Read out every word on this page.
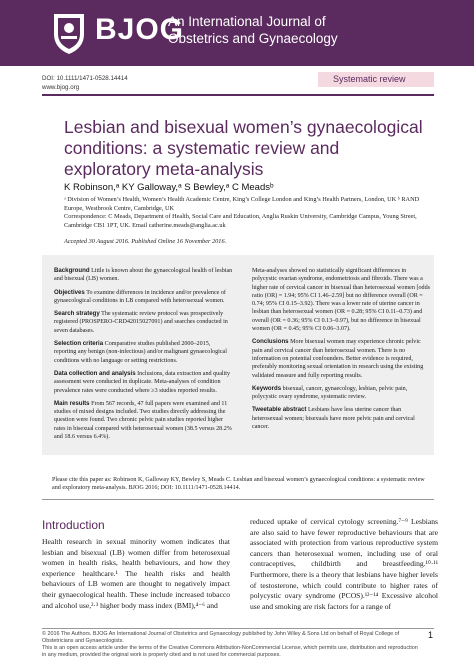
BJOG
An International Journal of
Obstetrics and Gynaecology
DOI: 10.1111/1471-0528.14414
www.bjog.org
Systematic review
Lesbian and bisexual women’s gynaecological conditions: a systematic review and exploratory meta-analysis
K Robinson,ᵃ KY Galloway,ᵃ S Bewley,ᵃ C Meadsᵇ
ᵃ Division of Women’s Health, Women’s Health Academic Centre, King’s College London and King’s Health Partners, London, UK ᵇ RAND Europe, Westbrook Centre, Cambridge, UK
Correspondence: C Meads, Department of Health, Social Care and Education, Anglia Ruskin University, Cambridge Campus, Young Street, Cambridge CB1 1PT, UK. Email catherine.meads@anglia.ac.uk
Accepted 30 August 2016. Published Online 16 November 2016.

Background Little is known about the gynaecological health of lesbian and bisexual (LB) women.

Objectives To examine differences in incidence and/or prevalence of gynaecological conditions in LB compared with heterosexual women.

Search strategy The systematic review protocol was prospectively registered (PROSPERO-CRD42015027091) and searches conducted in seven databases.

Selection criteria Comparative studies published 2000–2015, reporting any benign (non-infectious) and/or malignant gynaecological conditions with no language or setting restrictions.

Data collection and analysis Inclusions, data extraction and quality assessment were conducted in duplicate. Meta-analyses of condition prevalence rates were conducted where ≥3 studies reported results.

Main results From 567 records, 47 full papers were examined and 11 studies of mixed designs included. Two studies directly addressing the question were found. Two chronic pelvic pain studies reported higher rates in bisexual compared with heterosexual women (38.5 versus 28.2% and 18.6 versus 6.4%).

Meta-analyses showed no statistically significant differences in polycystic ovarian syndrome, endometriosis and fibroids. There was a higher rate of cervical cancer in bisexual than heterosexual women [odds ratio (OR) = 1.94; 95% CI 1.46–2.59] but no difference overall (OR = 0.74; 95% CI 0.15–3.92). There was a lower rate of uterine cancer in lesbian than heterosexual women (OR = 0.28; 95% CI 0.11–0.73) and overall (OR = 0.36; 95% CI 0.13–0.97), but no difference in bisexual women (OR = 0.45; 95% CI 0.06–3.07).

Conclusions More bisexual women may experience chronic pelvic pain and cervical cancer than heterosexual women. There is no information on potential confounders. Better evidence is required, preferably monitoring sexual orientation in research using the existing validated measure and fully reporting results.

Keywords bisexual, cancer, gynaecology, lesbian, pelvic pain, polycystic ovary syndrome, systematic review.

Tweetable abstract Lesbians have less uterine cancer than heterosexual women; bisexuals have more pelvic pain and cervical cancer.

Please cite this paper as: Robinson K, Galloway KY, Bewley S, Meads C. Lesbian and bisexual women’s gynaecological conditions: a systematic review and exploratory meta-analysis. BJOG 2016; DOI: 10.1111/1471-0528.14414.
Introduction
Health research in sexual minority women indicates that lesbian and bisexual (LB) women differ from heterosexual women in health risks, health behaviours, and how they experience healthcare.¹ The health risks and health behaviours of LB women are thought to negatively impact their gynaecological health. These include increased tobacco and alcohol use,²·³ higher body mass index (BMI),⁴⁻⁶ and
reduced uptake of cervical cytology screening.⁷⁻⁹ Lesbians are also said to have fewer reproductive behaviours that are associated with protection from various reproductive system cancers than heterosexual women, including use of oral contraceptives, childbirth and breastfeeding.¹⁰·¹¹ Furthermore, there is a theory that lesbians have higher levels of testosterone, which could contribute to higher rates of polycystic ovary syndrome (PCOS).¹²⁻¹⁴ Excessive alcohol use and smoking are risk factors for a range of
© 2016 The Authors. BJOG An International Journal of Obstetrics and Gynaecology published by John Wiley & Sons Ltd on behalf of Royal College of Obstetricians and Gynaecologists.
This is an open access article under the terms of the Creative Commons Attribution-NonCommercial License, which permits use, distribution and reproduction in any medium, provided the original work is properly cited and is not used for commercial purposes.
1
